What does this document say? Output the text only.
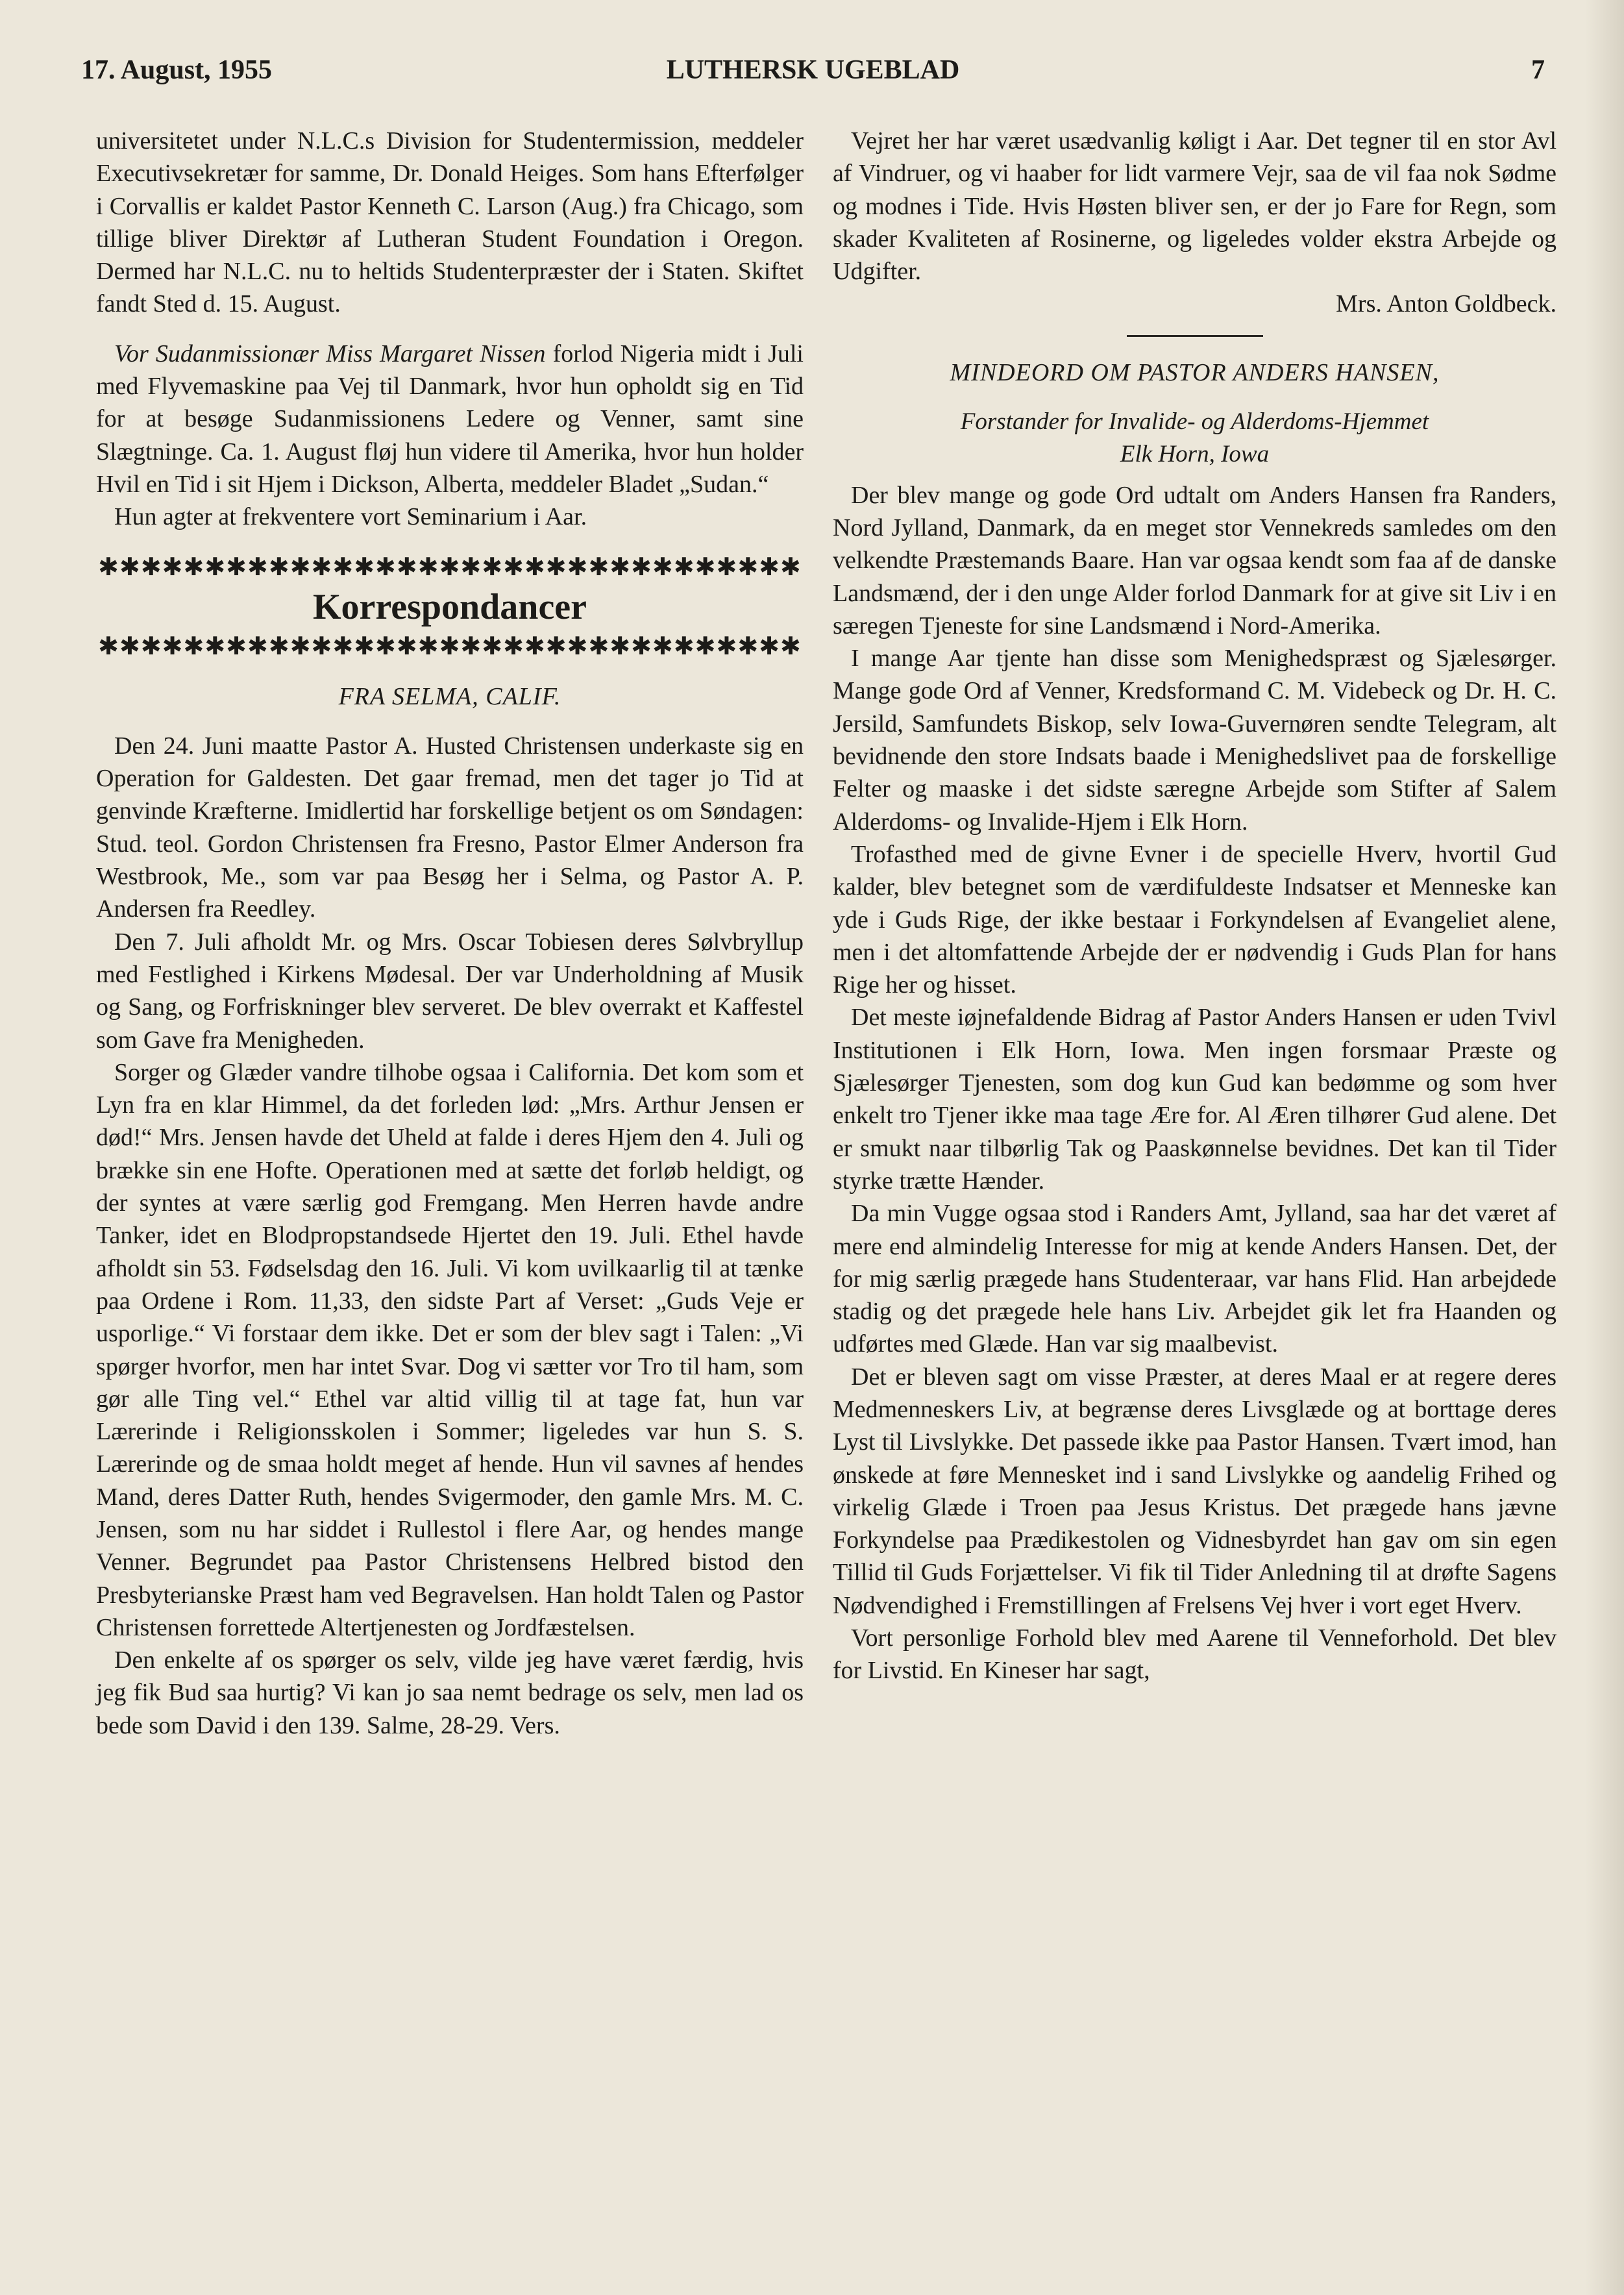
17. August, 1955	LUTHERSK UGEBLAD	7

universitetet under N.L.C.s Division for Studentermission, meddeler Executivsekretær for samme, Dr. Donald Heiges. Som hans Efterfølger i Corvallis er kaldet Pastor Kenneth C. Larson (Aug.) fra Chicago, som tillige bliver Direktør af Lutheran Student Foundation i Oregon. Dermed har N.L.C. nu to heltids Studenterpræster der i Staten. Skiftet fandt Sted d. 15. August.

Vor Sudanmissionær Miss Margaret Nissen forlod Nigeria midt i Juli med Flyvemaskine paa Vej til Danmark, hvor hun opholdt sig en Tid for at besøge Sudanmissionens Ledere og Venner, samt sine Slægtninge. Ca. 1. August fløj hun videre til Amerika, hvor hun holder Hvil en Tid i sit Hjem i Dickson, Alberta, meddeler Bladet „Sudan.“

Hun agter at frekventere vort Seminarium i Aar.

✱✱✱✱✱✱✱✱✱✱✱✱✱✱✱✱✱✱✱✱✱✱✱✱✱✱✱✱✱✱✱✱✱
Korrespondancer
✱✱✱✱✱✱✱✱✱✱✱✱✱✱✱✱✱✱✱✱✱✱✱✱✱✱✱✱✱✱✱✱✱
FRA SELMA, CALIF.

Den 24. Juni maatte Pastor A. Husted Christensen underkaste sig en Operation for Galdesten. Det gaar fremad, men det tager jo Tid at genvinde Kræfterne. Imidlertid har forskellige betjent os om Søndagen: Stud. teol. Gordon Christensen fra Fresno, Pastor Elmer Anderson fra Westbrook, Me., som var paa Besøg her i Selma, og Pastor A. P. Andersen fra Reedley.

Den 7. Juli afholdt Mr. og Mrs. Oscar Tobiesen deres Sølvbryllup med Festlighed i Kirkens Mødesal. Der var Underholdning af Musik og Sang, og Forfriskninger blev serveret. De blev overrakt et Kaffestel som Gave fra Menigheden.

Sorger og Glæder vandre tilhobe ogsaa i California. Det kom som et Lyn fra en klar Himmel, da det forleden lød: „Mrs. Arthur Jensen er død!“ Mrs. Jensen havde det Uheld at falde i deres Hjem den 4. Juli og brække sin ene Hofte. Operationen med at sætte det forløb heldigt, og der syntes at være særlig god Fremgang. Men Herren havde andre Tanker, idet en Blodpropstandsede Hjertet den 19. Juli. Ethel havde afholdt sin 53. Fødselsdag den 16. Juli. Vi kom uvilkaarlig til at tænke paa Ordene i Rom. 11,33, den sidste Part af Verset: „Guds Veje er usporlige.“ Vi forstaar dem ikke. Det er som der blev sagt i Talen: „Vi spørger hvorfor, men har intet Svar. Dog vi sætter vor Tro til ham, som gør alle Ting vel.“ Ethel var altid villig til at tage fat, hun var Lærerinde i Religionsskolen i Sommer; ligeledes var hun S. S. Lærerinde og de smaa holdt meget af hende. Hun vil savnes af hendes Mand, deres Datter Ruth, hendes Svigermoder, den gamle Mrs. M. C. Jensen, som nu har siddet i Rullestol i flere Aar, og hendes mange Venner. Begrundet paa Pastor Christensens Helbred bistod den Presbyterianske Præst ham ved Begravelsen. Han holdt Talen og Pastor Christensen forrettede Altertjenesten og Jordfæstelsen.

Den enkelte af os spørger os selv, vilde jeg have været færdig, hvis jeg fik Bud saa hurtig? Vi kan jo saa nemt bedrage os selv, men lad os bede som David i den 139. Salme, 28-29. Vers.

Vejret her har været usædvanlig køligt i Aar. Det tegner til en stor Avl af Vindruer, og vi haaber for lidt varmere Vejr, saa de vil faa nok Sødme og modnes i Tide. Hvis Høsten bliver sen, er der jo Fare for Regn, som skader Kvaliteten af Rosinerne, og ligeledes volder ekstra Arbejde og Udgifter.

Mrs. Anton Goldbeck.
MINDEORD OM PASTOR ANDERS HANSEN,
Forstander for Invalide- og Alderdoms-Hjemmet
Elk Horn, Iowa

Der blev mange og gode Ord udtalt om Anders Hansen fra Randers, Nord Jylland, Danmark, da en meget stor Vennekreds samledes om den velkendte Præstemands Baare. Han var ogsaa kendt som faa af de danske Landsmænd, der i den unge Alder forlod Danmark for at give sit Liv i en særegen Tjeneste for sine Landsmænd i Nord-Amerika.

I mange Aar tjente han disse som Menighedspræst og Sjælesørger. Mange gode Ord af Venner, Kredsformand C. M. Videbeck og Dr. H. C. Jersild, Samfundets Biskop, selv Iowa-Guvernøren sendte Telegram, alt bevidnende den store Indsats baade i Menighedslivet paa de forskellige Felter og maaske i det sidste særegne Arbejde som Stifter af Salem Alderdoms- og Invalide-Hjem i Elk Horn.

Trofasthed med de givne Evner i de specielle Hverv, hvortil Gud kalder, blev betegnet som de værdifuldeste Indsatser et Menneske kan yde i Guds Rige, der ikke bestaar i Forkyndelsen af Evangeliet alene, men i det altomfattende Arbejde der er nødvendig i Guds Plan for hans Rige her og hisset.

Det meste iøjnefaldende Bidrag af Pastor Anders Hansen er uden Tvivl Institutionen i Elk Horn, Iowa. Men ingen forsmaar Præste og Sjælesørger Tjenesten, som dog kun Gud kan bedømme og som hver enkelt tro Tjener ikke maa tage Ære for. Al Æren tilhører Gud alene. Det er smukt naar tilbørlig Tak og Paaskønnelse bevidnes. Det kan til Tider styrke trætte Hænder.

Da min Vugge ogsaa stod i Randers Amt, Jylland, saa har det været af mere end almindelig Interesse for mig at kende Anders Hansen. Det, der for mig særlig prægede hans Studenteraar, var hans Flid. Han arbejdede stadig og det prægede hele hans Liv. Arbejdet gik let fra Haanden og udførtes med Glæde. Han var sig maalbevist.

Det er bleven sagt om visse Præster, at deres Maal er at regere deres Medmenneskers Liv, at begrænse deres Livsglæde og at borttage deres Lyst til Livslykke. Det passede ikke paa Pastor Hansen. Tvært imod, han ønskede at føre Mennesket ind i sand Livslykke og aandelig Frihed og virkelig Glæde i Troen paa Jesus Kristus. Det prægede hans jævne Forkyndelse paa Prædikestolen og Vidnesbyrdet han gav om sin egen Tillid til Guds Forjættelser. Vi fik til Tider Anledning til at drøfte Sagens Nødvendighed i Fremstillingen af Frelsens Vej hver i vort eget Hverv.

Vort personlige Forhold blev med Aarene til Venneforhold. Det blev for Livstid. En Kineser har sagt,
